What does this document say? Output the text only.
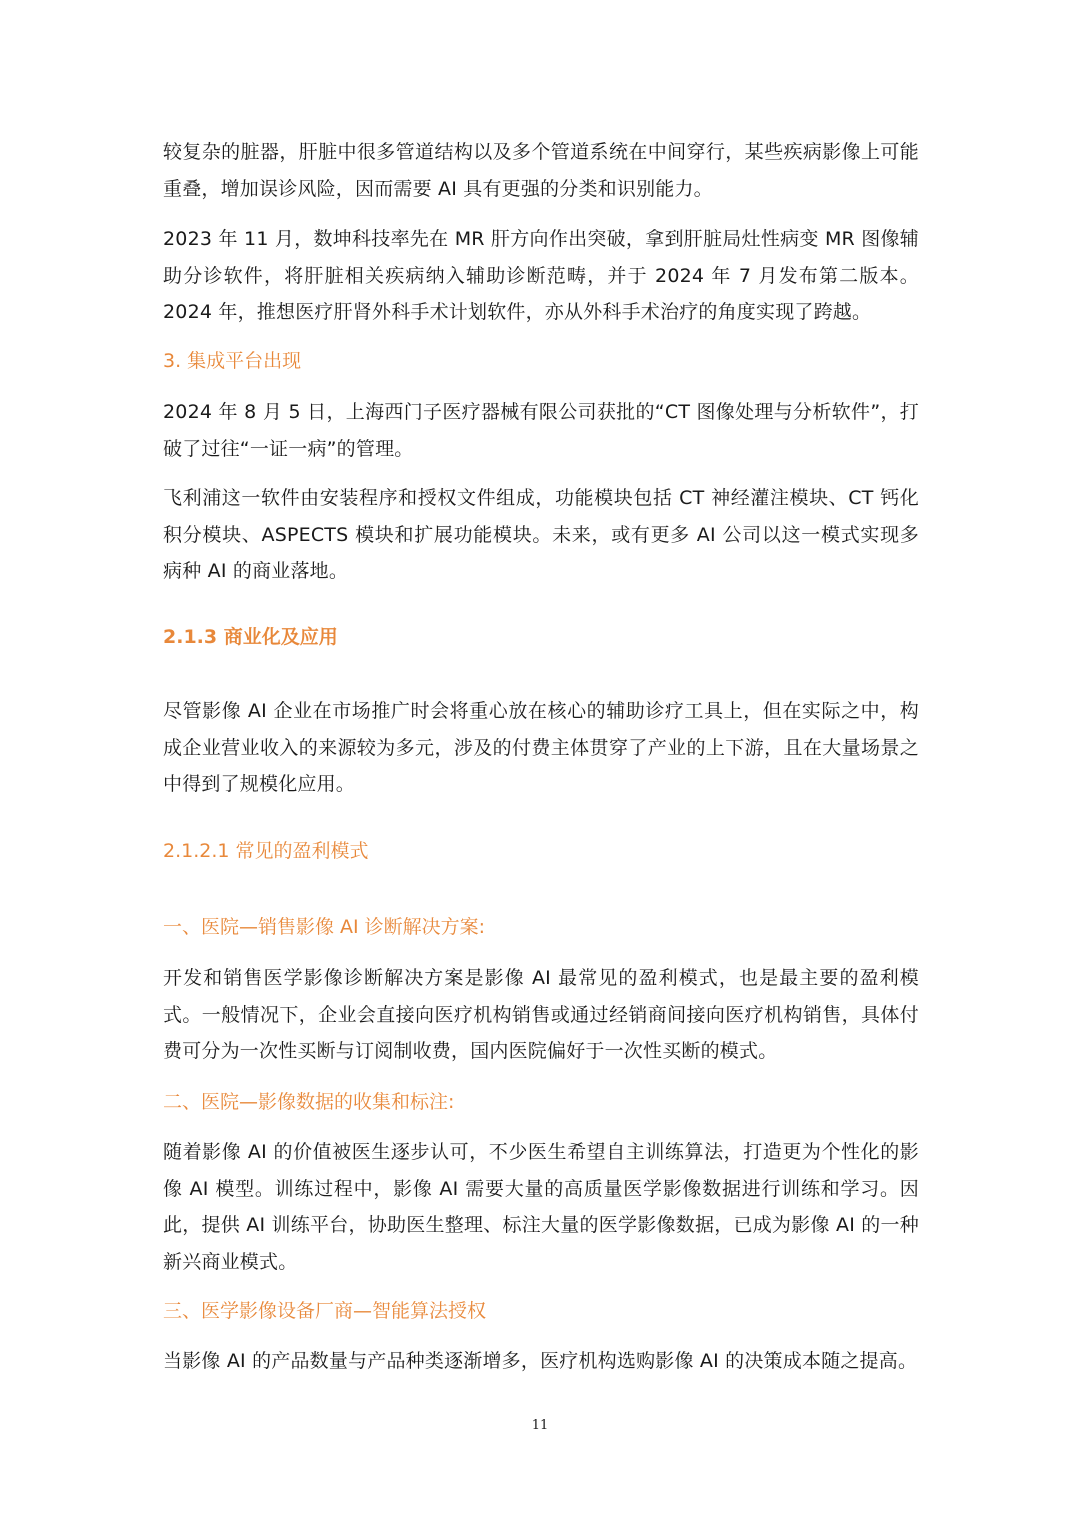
较复杂的脏器，肝脏中很多管道结构以及多个管道系统在中间穿行，某些疾病影像上可能重叠，增加误诊风险，因而需要 AI 具有更强的分类和识别能力。

2023 年 11 月，数坤科技率先在 MR 肝方向作出突破，拿到肝脏局灶性病变 MR 图像辅助分诊软件，将肝脏相关疾病纳入辅助诊断范畴，并于 2024 年 7 月发布第二版本。2024 年，推想医疗肝肾外科手术计划软件，亦从外科手术治疗的角度实现了跨越。

3. 集成平台出现

2024 年 8 月 5 日，上海西门子医疗器械有限公司获批的“CT 图像处理与分析软件”，打破了过往“一证一病”的管理。

飞利浦这一软件由安装程序和授权文件组成，功能模块包括 CT 神经灌注模块、CT 钙化积分模块、ASPECTS 模块和扩展功能模块。未来，或有更多 AI 公司以这一模式实现多病种 AI 的商业落地。

2.1.3 商业化及应用

尽管影像 AI 企业在市场推广时会将重心放在核心的辅助诊疗工具上，但在实际之中，构成企业营业收入的来源较为多元，涉及的付费主体贯穿了产业的上下游，且在大量场景之中得到了规模化应用。

2.1.2.1 常见的盈利模式

一、医院—销售影像 AI 诊断解决方案:

开发和销售医学影像诊断解决方案是影像 AI 最常见的盈利模式，也是最主要的盈利模式。一般情况下，企业会直接向医疗机构销售或通过经销商间接向医疗机构销售，具体付费可分为一次性买断与订阅制收费，国内医院偏好于一次性买断的模式。

二、医院—影像数据的收集和标注:

随着影像 AI 的价值被医生逐步认可，不少医生希望自主训练算法，打造更为个性化的影像 AI 模型。训练过程中，影像 AI 需要大量的高质量医学影像数据进行训练和学习。因此，提供 AI 训练平台，协助医生整理、标注大量的医学影像数据，已成为影像 AI 的一种新兴商业模式。

三、医学影像设备厂商—智能算法授权

当影像 AI 的产品数量与产品种类逐渐增多，医疗机构选购影像 AI 的决策成本随之提高。

11
